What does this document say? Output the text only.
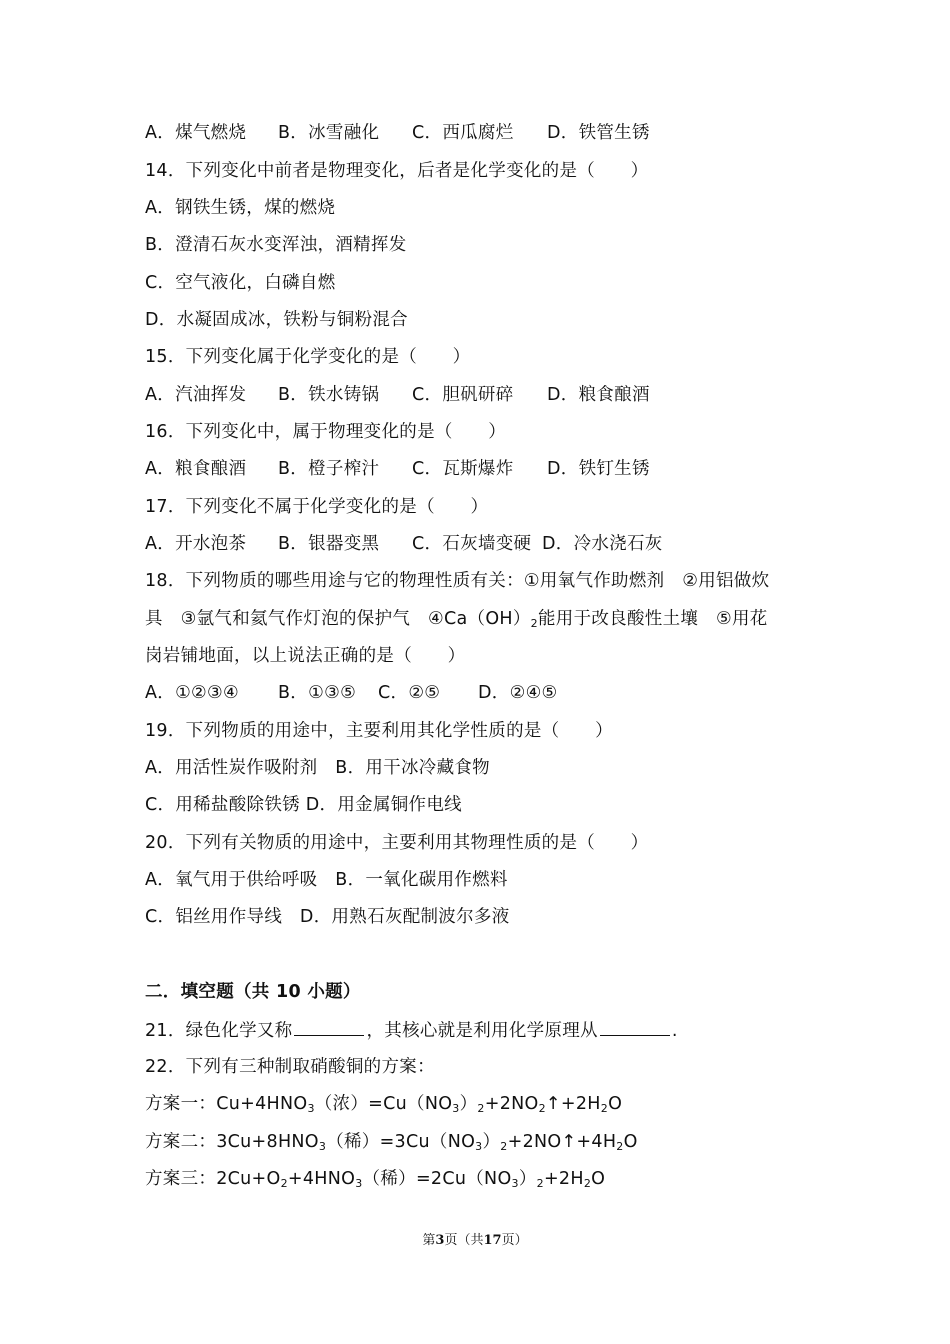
A．煤气燃烧 B．冰雪融化 C．西瓜腐烂 D．铁管生锈
14．下列变化中前者是物理变化，后者是化学变化的是（　　）
A．钢铁生锈，煤的燃烧
B．澄清石灰水变浑浊，酒精挥发
C．空气液化，白磷自燃
D．水凝固成冰，铁粉与铜粉混合
15．下列变化属于化学变化的是（　　）
A．汽油挥发 B．铁水铸锅 C．胆矾研碎 D．粮食酿酒
16．下列变化中，属于物理变化的是（　　）
A．粮食酿酒 B．橙子榨汁 C．瓦斯爆炸 D．铁钉生锈
17．下列变化不属于化学变化的是（　　）
A．开水泡茶 B．银器变黑 C．石灰墙变硬 D．冷水浇石灰
18．下列物质的哪些用途与它的物理性质有关：①用氧气作助燃剂　②用铝做炊
具　③氩气和氦气作灯泡的保护气　$④Ca(OH)_2$能用于改良酸性土壤　⑤用花
岗岩铺地面，以上说法正确的是（　　）
A．①②③④ B．①③⑤ C．②⑤ D．②④⑤
19．下列物质的用途中，主要利用其化学性质的是（　　）
A．用活性炭作吸附剂　B．用干冰冷藏食物
C．用稀盐酸除铁锈 D．用金属铜作电线
20．下列有关物质的用途中，主要利用其物理性质的是（　　）
A．氧气用于供给呼吸　B．一氧化碳用作燃料
C．铝丝用作导线　D．用熟石灰配制波尔多液
二．填空题（共 10 小题）
21．绿色化学又称	，其核心就是利用化学原理从	.
22．下列有三种制取硝酸铜的方案：
方案一：$Cu+4HNO_3$（浓）$=Cu(NO_3)_2+2NO_2↑+2H_2O$
方案二：$3Cu+8HNO_3$（稀）$=3Cu(NO_3)_2+2NO↑+4H_2O$
方案三：$2Cu+O_2+4HNO_3$（稀）$=2Cu(NO_3)_2+2H_2O$
第3页（共17页）
